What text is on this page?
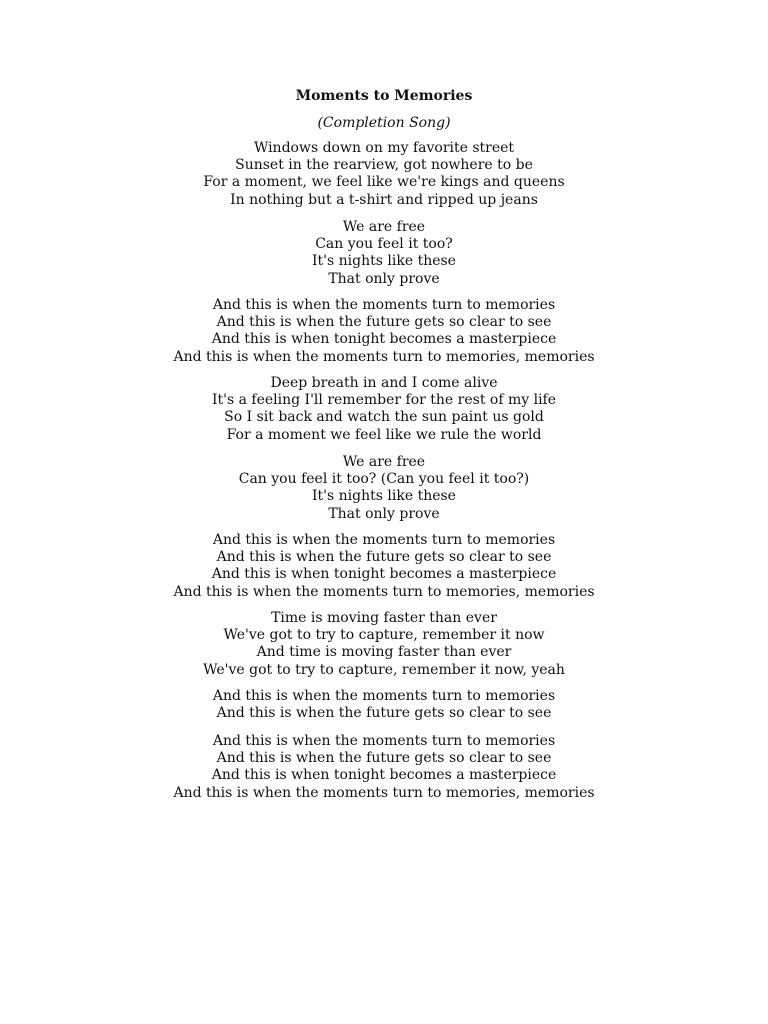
Moments to Memories
(Completion Song)
Windows down on my favorite street
Sunset in the rearview, got nowhere to be
For a moment, we feel like we're kings and queens
In nothing but a t-shirt and ripped up jeans
We are free
Can you feel it too?
It's nights like these
That only prove
And this is when the moments turn to memories
And this is when the future gets so clear to see
And this is when tonight becomes a masterpiece
And this is when the moments turn to memories, memories
Deep breath in and I come alive
It's a feeling I'll remember for the rest of my life
So I sit back and watch the sun paint us gold
For a moment we feel like we rule the world
We are free
Can you feel it too? (Can you feel it too?)
It's nights like these
That only prove
And this is when the moments turn to memories
And this is when the future gets so clear to see
And this is when tonight becomes a masterpiece
And this is when the moments turn to memories, memories
Time is moving faster than ever
We've got to try to capture, remember it now
And time is moving faster than ever
We've got to try to capture, remember it now, yeah
And this is when the moments turn to memories
And this is when the future gets so clear to see
And this is when the moments turn to memories
And this is when the future gets so clear to see
And this is when tonight becomes a masterpiece
And this is when the moments turn to memories, memories
